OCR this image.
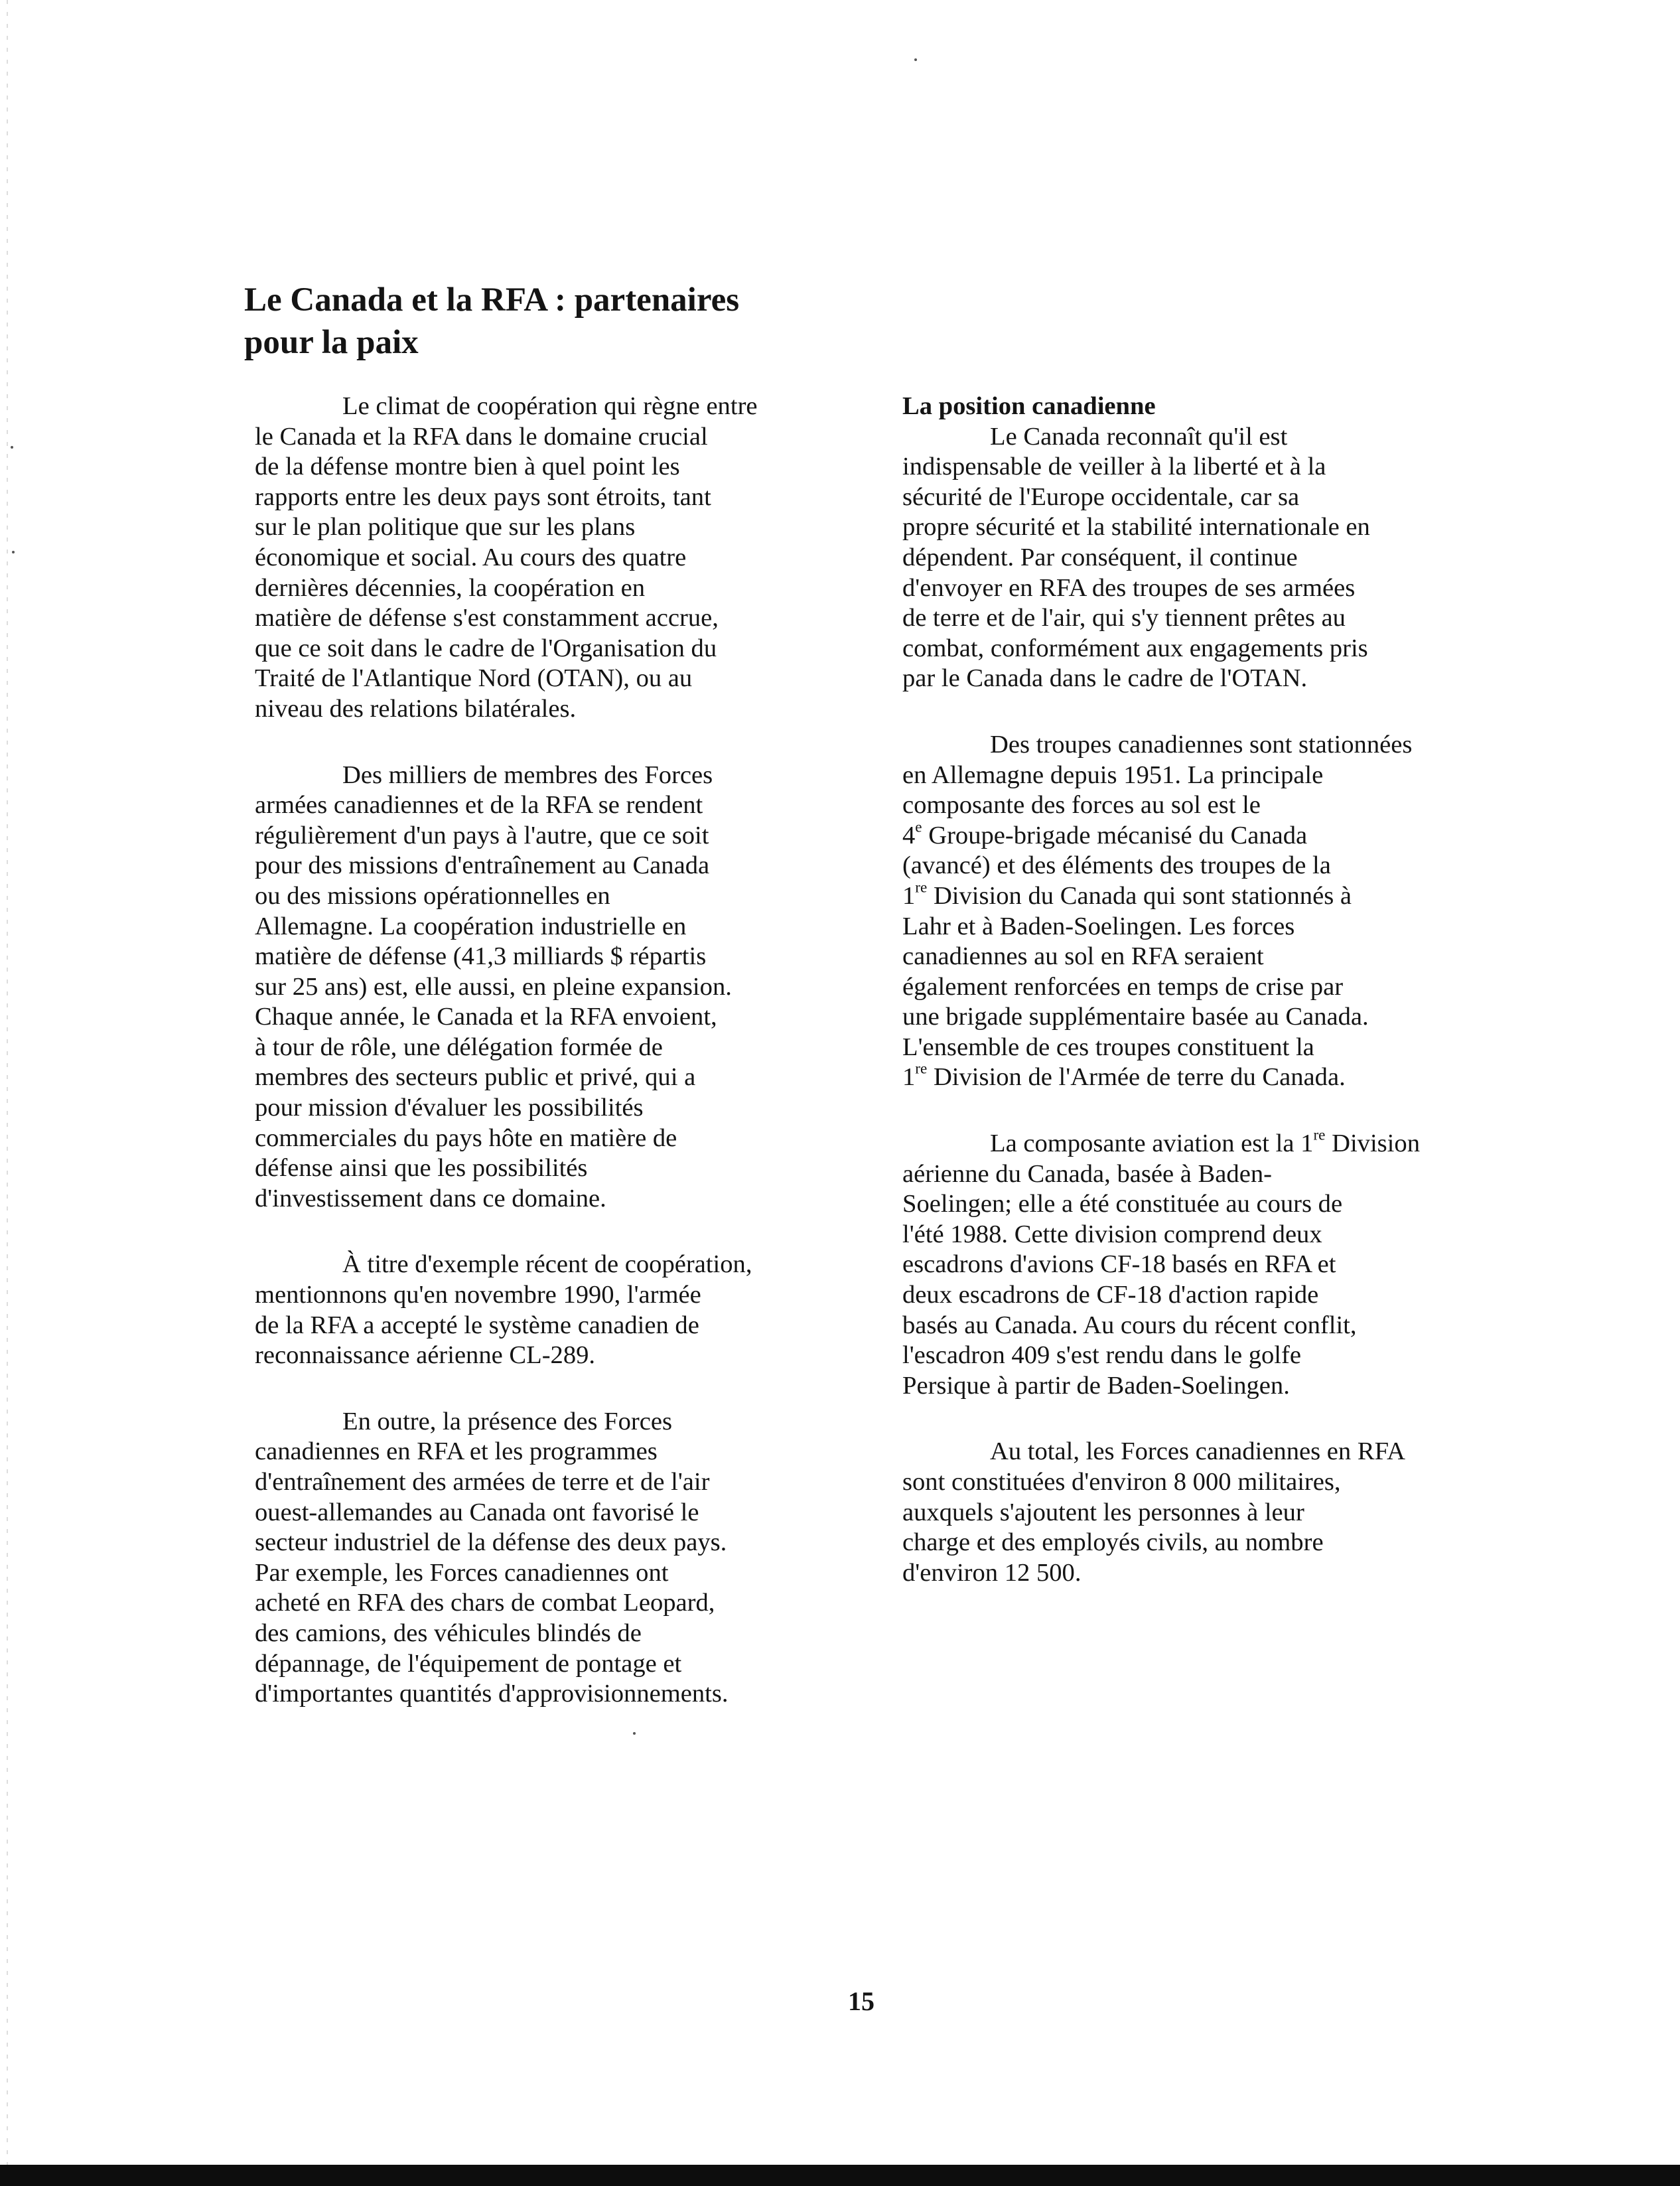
Le Canada et la RFA : partenaires
pour la paix

Le climat de coopération qui règne entre
le Canada et la RFA dans le domaine crucial
de la défense montre bien à quel point les
rapports entre les deux pays sont étroits, tant
sur le plan politique que sur les plans
économique et social. Au cours des quatre
dernières décennies, la coopération en
matière de défense s'est constamment accrue,
que ce soit dans le cadre de l'Organisation du
Traité de l'Atlantique Nord (OTAN), ou au
niveau des relations bilatérales.

Des milliers de membres des Forces
armées canadiennes et de la RFA se rendent
régulièrement d'un pays à l'autre, que ce soit
pour des missions d'entraînement au Canada
ou des missions opérationnelles en
Allemagne. La coopération industrielle en
matière de défense (41,3 milliards $ répartis
sur 25 ans) est, elle aussi, en pleine expansion.
Chaque année, le Canada et la RFA envoient,
à tour de rôle, une délégation formée de
membres des secteurs public et privé, qui a
pour mission d'évaluer les possibilités
commerciales du pays hôte en matière de
défense ainsi que les possibilités
d'investissement dans ce domaine.

À titre d'exemple récent de coopération,
mentionnons qu'en novembre 1990, l'armée
de la RFA a accepté le système canadien de
reconnaissance aérienne CL-289.

En outre, la présence des Forces
canadiennes en RFA et les programmes
d'entraînement des armées de terre et de l'air
ouest-allemandes au Canada ont favorisé le
secteur industriel de la défense des deux pays.
Par exemple, les Forces canadiennes ont
acheté en RFA des chars de combat Leopard,
des camions, des véhicules blindés de
dépannage, de l'équipement de pontage et
d'importantes quantités d'approvisionnements.

La position canadienne

Le Canada reconnaît qu'il est
indispensable de veiller à la liberté et à la
sécurité de l'Europe occidentale, car sa
propre sécurité et la stabilité internationale en
dépendent. Par conséquent, il continue
d'envoyer en RFA des troupes de ses armées
de terre et de l'air, qui s'y tiennent prêtes au
combat, conformément aux engagements pris
par le Canada dans le cadre de l'OTAN.

Des troupes canadiennes sont stationnées
en Allemagne depuis 1951. La principale
composante des forces au sol est le
4e Groupe-brigade mécanisé du Canada
(avancé) et des éléments des troupes de la
1re Division du Canada qui sont stationnés à
Lahr et à Baden-Soelingen. Les forces
canadiennes au sol en RFA seraient
également renforcées en temps de crise par
une brigade supplémentaire basée au Canada.
L'ensemble de ces troupes constituent la
1re Division de l'Armée de terre du Canada.

La composante aviation est la 1re Division
aérienne du Canada, basée à Baden-
Soelingen; elle a été constituée au cours de
l'été 1988. Cette division comprend deux
escadrons d'avions CF-18 basés en RFA et
deux escadrons de CF-18 d'action rapide
basés au Canada. Au cours du récent conflit,
l'escadron 409 s'est rendu dans le golfe
Persique à partir de Baden-Soelingen.

Au total, les Forces canadiennes en RFA
sont constituées d'environ 8 000 militaires,
auxquels s'ajoutent les personnes à leur
charge et des employés civils, au nombre
d'environ 12 500.

15
